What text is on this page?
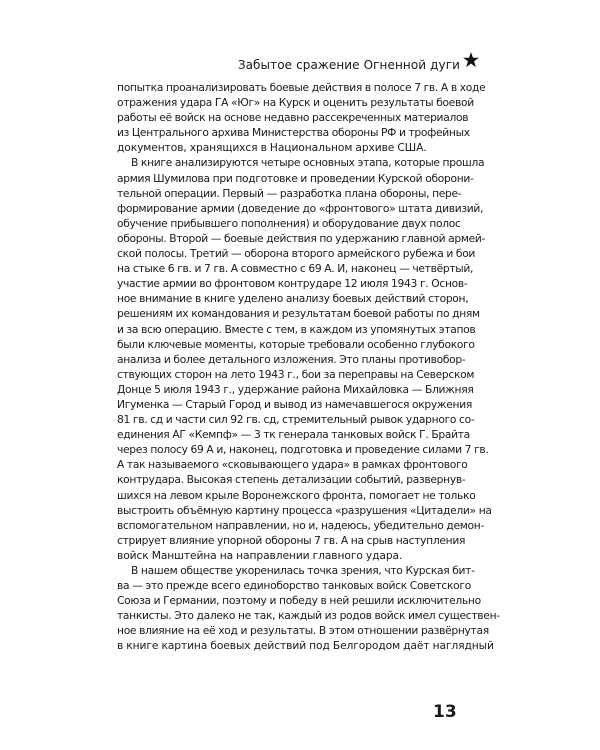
Забытое сражение Огненной дуги
попытка проанализировать боевые действия в полосе 7 гв. А в ходе
отражения удара ГА «Юг» на Курск и оценить результаты боевой
работы её войск на основе недавно рассекреченных материалов
из Центрального архива Министерства обороны РФ и трофейных
документов, хранящихся в Национальном архиве США.
В книге анализируются четыре основных этапа, которые прошла
армия Шумилова при подготовке и проведении Курской оборони-
тельной операции. Первый — разработка плана обороны, пере-
формирование армии (доведение до «фронтового» штата дивизий,
обучение прибывшего пополнения) и оборудование двух полос
обороны. Второй — боевые действия по удержанию главной армей-
ской полосы. Третий — оборона второго армейского рубежа и бои
на стыке 6 гв. и 7 гв. А совместно с 69 А. И, наконец — четвёртый,
участие армии во фронтовом контрударе 12 июля 1943 г. Основ-
ное внимание в книге уделено анализу боевых действий сторон,
решениям их командования и результатам боевой работы по дням
и за всю операцию. Вместе с тем, в каждом из упомянутых этапов
были ключевые моменты, которые требовали особенно глубокого
анализа и более детального изложения. Это планы противобор-
ствующих сторон на лето 1943 г., бои за переправы на Северском
Донце 5 июля 1943 г., удержание района Михайловка — Ближняя
Игуменка — Старый Город и вывод из намечавшегося окружения
81 гв. сд и части сил 92 гв. сд, стремительный рывок ударного со-
единения АГ «Кемпф» — 3 тк генерала танковых войск Г. Брайта
через полосу 69 А и, наконец, подготовка и проведение силами 7 гв.
А так называемого «сковывающего удара» в рамках фронтового
контрудара. Высокая степень детализации событий, развернув-
шихся на левом крыле Воронежского фронта, помогает не только
выстроить объёмную картину процесса «разрушения «Цитадели» на
вспомогательном направлении, но и, надеюсь, убедительно демон-
стрирует влияние упорной обороны 7 гв. А на срыв наступления
войск Манштейна на направлении главного удара.
В нашем обществе укоренилась точка зрения, что Курская бит-
ва — это прежде всего единоборство танковых войск Советского
Союза и Германии, поэтому и победу в ней решили исключительно
танкисты. Это далеко не так, каждый из родов войск имел существен-
ное влияние на её ход и результаты. В этом отношении развёрнутая
в книге картина боевых действий под Белгородом даёт наглядный
13
